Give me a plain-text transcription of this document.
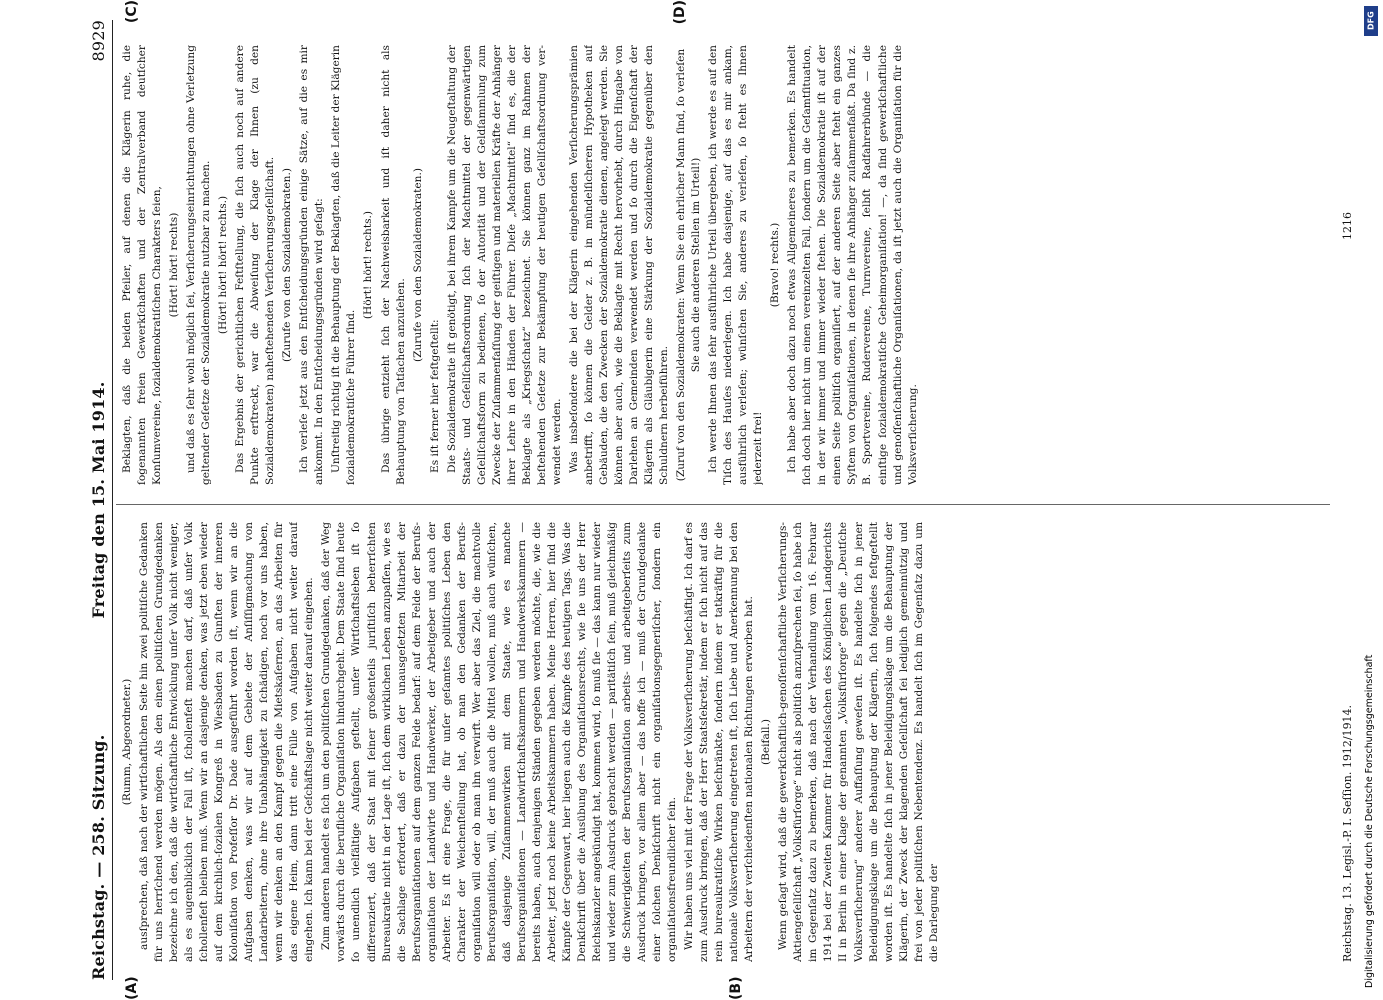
Reichstag. — 258. Sitzung.
Freitag den 15. Mai 1914.
8929
(A)	(B)
(C)	(D)

(Rumm, Abgeordneter.) ausſprechen, daß nach der wirtſchaftlichen Seite hin zwei politiſche Gedanken für uns herrſchend werden mögen. Als den einen politiſchen Grundgedanken bezeichne ich den, daß die wirtſchaftliche Entwicklung unſer Volk nicht weniger, als es augenblicklich der Fall iſt, ſchollenfeſt machen darf, daß unſer Volk ſchollenfeſt bleiben muß. Wenn wir an dasjenige denken, was jetzt eben wieder auf dem kirchlich-ſozialen Kongreß in Wiesbaden zu Gunſten der inneren Koloniſation von Profeſſor Dr. Dade ausgeführt worden iſt, wenn wir an die Aufgaben denken, was wir auf dem Gebiete der Anſiſſigmachung von Landarbeitern, ohne ihre Unabhängigkeit zu ſchädigen, noch vor uns haben, wenn wir denken an den Kampf gegen die Mietskaſernen, an das Arbeiten für das eigene Heim, dann tritt eine Fülle von Aufgaben nicht weiter darauf eingehen. Ich kann bei der Geſchäftslage nicht weiter darauf eingehen. Zum anderen handelt es ſich um den politiſchen Grundgedanken, daß der Weg vorwärts durch die berufliche Organiſation hindurchgeht. Dem Staate ſind heute ſo unendlich vielfältige Aufgaben geſtellt, unſer Wirtſchaftsleben iſt ſo differenziert, daß der Staat mit ſeiner großenteils juriſtiſch beherrſchten Bureaukratie nicht in der Lage iſt, ſich dem wirklichen Leben anzupaſſen, wie es die Sachlage erfordert, daß er dazu der unausgeſetzten Mitarbeit der Berufsorganiſationen auf dem ganzen Felde bedarf: auf dem Felde der Berufsorganiſation der Landwirte und Handwerker, der Arbeitgeber und auch der Arbeiter. Es iſt eine Frage, die für unſer geſamtes politiſches Leben den Charakter der Weichenſtellung hat, ob man den Gedanken der Berufsorganiſation will oder ob man ihn verwirft. Wer aber das Ziel, die machtvolle Berufsorganiſation, will, der muß auch die Mittel wollen, muß auch wünſchen, daß dasjenige Zuſammenwirken mit dem Staate, wie es manche Berufsorganiſationen — Landwirtſchaftskammern und Handwerkskammern — bereits haben, auch denjenigen Ständen gegeben werden möchte, die, wie die Arbeiter, jetzt noch keine Arbeitskammern haben. Meine Herren, hier ſind die Kämpfe der Gegenwart, hier liegen auch die Kämpfe des heutigen Tags. Was die Denkſchrift über die Ausübung des Organiſationsrechts, wie ſie uns der Herr Reichskanzler angekündigt hat, kommen wird, ſo muß ſie — das kann nur wieder und wieder zum Ausdruck gebracht werden — paritätiſch ſein, muß gleichmäßig die Schwierigkeiten der Berufsorganiſation arbeits- und arbeitgeberſeits zum Ausdruck bringen, vor allem aber — das hoffe ich — muß der Grundgedanke einer ſolchen Denkſchrift nicht ein organiſationsgegneriſcher, ſondern ein organiſationsfreundlicher ſein. Wir haben uns viel mit der Frage der Volksverſicherung beſchäftigt. Ich darf es zum Ausdruck bringen, daß der Herr Staatsſekretär, indem er ſich nicht auf das rein bureaukratiſche Wirken beſchränkte, ſondern indem er tatkräftig für die nationale Volksverſicherung eingetreten iſt, ſich Liebe und Anerkennung bei den Arbeitern der verſchiedenſten nationalen Richtungen erworben hat. (Beifall.) Wenn geſagt wird, daß die gewerkſchaftlich-genoſſenſchaftliche Verſicherungs-Aktiengeſellſchaft „Volksfürſorge“ nicht als politiſch anzuſprechen ſei, ſo habe ich im Gegenſatz dazu zu bemerken, daß nach der Verhandlung vom 16. Februar 1914 bei der Zweiten Kammer für Handelsſachen des Königlichen Landgerichts II in Berlin in einer Klage der genannten „Volksfürſorge“ gegen die „Deutſche Volksverſicherung“ anderer Auffaſſung geweſen iſt. Es handelte ſich in jener Beleidigungsklage um die Behauptung der Klägerin, ſich folgendes feſtgeſtellt worden iſt. Es handelte ſich in jener Beleidigungsklage um die Behauptung der Klägerin, der Zweck der klagenden Geſellſchaft ſei lediglich gemeinnützig und frei von jeder politiſchen Nebentendenz. Es handelt ſich im Gegenſatz dazu um die Darlegung der

Beklagten, daß die beiden Pfeiler, auf denen die Klägerin ruhe, die ſogenannten freien Gewerkſchaften und der Zentralverband deutſcher Konſumvereine, ſozialdemokratiſchen Charakters ſeien, (Hört! hört! rechts) und daß es ſehr wohl möglich ſei, Verſicherungseinrichtungen ohne Verletzung geltender Geſetze der Sozialdemokratie nutzbar zu machen. (Hört! hört! hört! rechts.) Das Ergebnis der gerichtlichen Feſtſtellung, die ſich auch noch auf andere Punkte erſtreckt, war die Abweiſung der Klage der Ihnen (zu den Sozialdemokraten) naheſtehenden Verſicherungsgeſellſchaft. (Zurufe von den Sozialdemokraten.) Ich verleſe jetzt aus den Entſcheidungsgründen einige Sätze, auf die es mir ankommt. In den Entſcheidungsgründen wird geſagt: Unſtreitig richtig iſt die Behauptung der Beklagten, daß die Leiter der Klägerin ſozialdemokratiſche Führer ſind.

(Hört! hört! rechts.) Das übrige entzieht ſich der Nachweisbarkeit und iſt daher nicht als Behauptung von Tatſachen anzuſehen.

(Zurufe von den Sozialdemokraten.)

Es iſt ferner hier feſtgeſtellt: Die Sozialdemokratie iſt genötigt, bei ihrem Kampfe um die Neugeſtaltung der Staats- und Geſellſchaftsordnung ſich der Machtmittel der gegenwärtigen Geſellſchaftsform zu bedienen, ſo der Autorität und der Geldſammlung zum Zwecke der Zuſammenfaſſung der geiſtigen und materiellen Kräfte der Anhänger ihrer Lehre in den Händen der Führer. Dieſe „Machtmittel“ ſind es, die der Beklagte als „Kriegsſchatz“ bezeichnet. Sie können ganz im Rahmen der beſtehenden Geſetze zur Bekämpfung der heutigen Geſellſchaftsordnung verwendet werden. Was insbeſondere die bei der Klägerin eingehenden Verſicherungsprämien anbetrifft, ſo können die Gelder z. B. in mündelſicheren Hypotheken auf Gebäuden, die den Zwecken der Sozialdemokratie dienen, angelegt werden. Sie können aber auch, wie die Beklagte mit Recht hervorhebt, durch Hingabe von Darlehen an Gemeinden verwendet werden und ſo durch die Eigenſchaft der Klägerin als Gläubigerin eine Stärkung der Sozialdemokratie gegenüber den Schuldnern herbeiführen. (Zuruf von den Sozialdemokraten: Wenn Sie ein ehrlicher Mann ſind, ſo verleſen Sie auch die anderen Stellen im Urteil!) Ich werde Ihnen das ſehr ausführliche Urteil übergeben, ich werde es auf den Tiſch des Hauſes niederlegen. Ich habe dasjenige, auf das es mir ankam, ausführlich verleſen; wünſchen Sie, anderes zu verleſen, ſo ſteht es Ihnen jederzeit frei!

(Bravo! rechts.) Ich habe aber doch dazu noch etwas Allgemeineres zu bemerken. Es handelt ſich doch hier nicht um einen vereinzelten Fall, ſondern um die Geſamtſituation, in der wir immer und immer wieder ſtehen. Die Sozialdemokratie iſt auf der einen Seite politiſch organiſiert, auf der anderen Seite aber ſteht ein ganzes Syſtem von Organiſationen, in denen ſie ihre Anhänger zuſammenfaßt. Da ſind z. B. Sportvereine, Rudervereine, Turnvereine, ſelbſt Radfahrerbünde — die einſtige ſozialdemokratiſche Geheimorganiſation! —, da ſind gewerkſchaftliche und genoſſenſchaftliche Organiſationen, da iſt jetzt auch die Organiſation für die Volksverſicherung.

Reichstag. 13. Legisl.-P. I. Seſſion. 1912/1914.
1216
DFG
Digitalisierung gefördert durch die Deutsche Forschungsgemeinschaft
